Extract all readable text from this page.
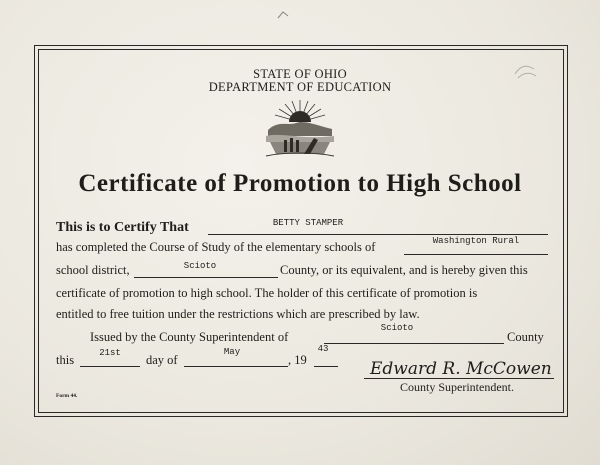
STATE OF OHIO
DEPARTMENT OF EDUCATION
Certificate of Promotion to High School
This is to Certify That	BETTY STAMPER
has completed the Course of Study of the elementary schools of	Washington Rural
school district,	Scioto	County, or its equivalent, and is hereby given this
certificate of promotion to high school. The holder of this certificate of promotion is
entitled to free tuition under the restrictions which are prescribed by law.
Issued by the County Superintendent of
Scioto
County
this	21st	day of
May
, 19
43
Edward R. McCowen
County Superintendent.
Form 44.
